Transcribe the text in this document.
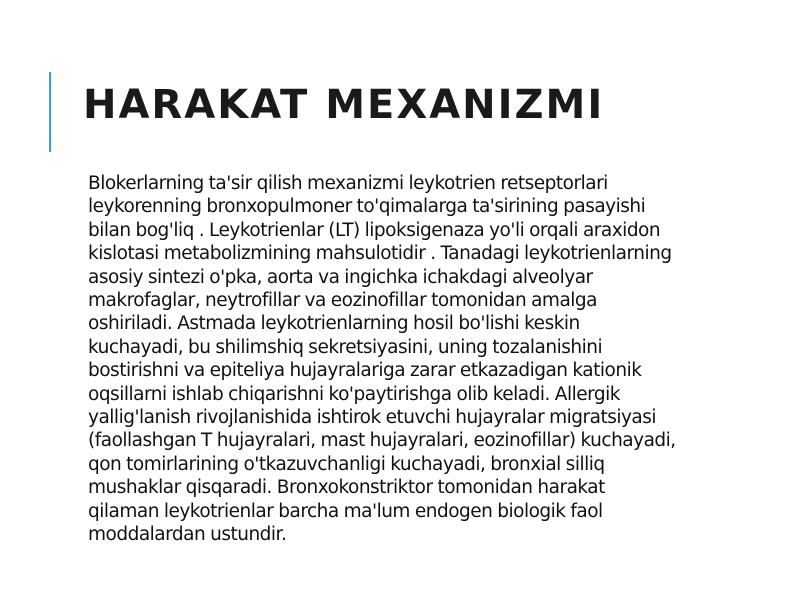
HARAKAT MEXANIZMI

Blokerlarning ta'sir qilish mexanizmi leykotrien retseptorlari
leykorenning bronxopulmoner to'qimalarga ta'sirining pasayishi
bilan bog'liq . Leykotrienlar (LT) lipoksigenaza yo'li orqali araxidon
kislotasi metabolizmining mahsulotidir . Tanadagi leykotrienlarning
asosiy sintezi o'pka, aorta va ingichka ichakdagi alveolyar
makrofaglar, neytrofillar va eozinofillar tomonidan amalga
oshiriladi. Astmada leykotrienlarning hosil bo'lishi keskin
kuchayadi, bu shilimshiq sekretsiyasini, uning tozalanishini
bostirishni va epiteliya hujayralariga zarar etkazadigan kationik
oqsillarni ishlab chiqarishni ko'paytirishga olib keladi. Allergik
yallig'lanish rivojlanishida ishtirok etuvchi hujayralar migratsiyasi
(faollashgan T hujayralari, mast hujayralari, eozinofillar) kuchayadi,
qon tomirlarining o'tkazuvchanligi kuchayadi, bronxial silliq
mushaklar qisqaradi. Bronxokonstriktor tomonidan harakat
qilaman leykotrienlar barcha ma'lum endogen biologik faol
moddalardan ustundir.
